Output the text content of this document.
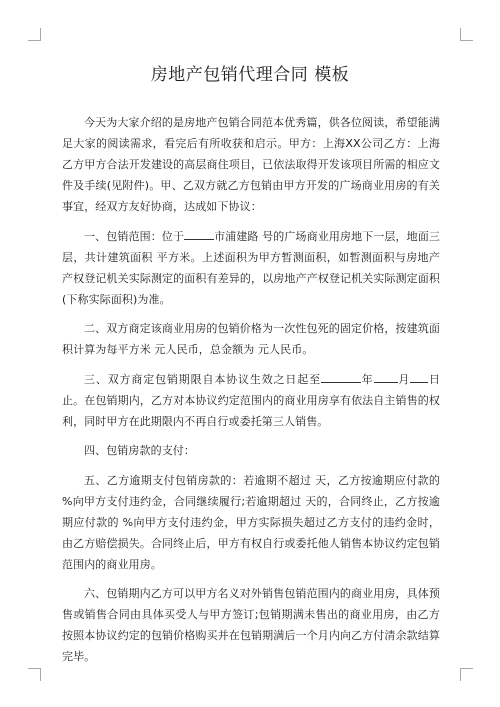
房地产包销代理合同 模板

今天为大家介绍的是房地产包销合同范本优秀篇，供各位阅读，希望能满足大家的阅读需求，看完后有所收获和启示。甲方：上海XX公司乙方：上海乙方甲方合法开发建设的高层商住项目，已依法取得开发该项目所需的相应文件及手续(见附件)。甲、乙双方就乙方包销由甲方开发的广场商业用房的有关事宜，经双方友好协商，达成如下协议：

一、包销范围：位于	市浦建路 号的广场商业用房地下一层，地面三层，共计建筑面积 平方米。上述面积为甲方暂测面积，如暂测面积与房地产产权登记机关实际测定的面积有差异的，以房地产产权登记机关实际测定面积(下称实际面积)为准。

二、双方商定该商业用房的包销价格为一次性包死的固定价格，按建筑面积计算为每平方米 元人民币，总金额为 元人民币。

三、双方商定包销期限自本协议生效之日起至	年 月 日止。在包销期内，乙方对本协议约定范围内的商业用房享有依法自主销售的权利，同时甲方在此期限内不再自行或委托第三人销售。

四、包销房款的支付：

五、乙方逾期支付包销房款的：若逾期不超过 天，乙方按逾期应付款的 %向甲方支付违约金，合同继续履行;若逾期超过 天的，合同终止，乙方按逾期应付款的 %向甲方支付违约金，甲方实际损失超过乙方支付的违约金时，由乙方赔偿损失。合同终止后，甲方有权自行或委托他人销售本协议约定包销范围内的商业用房。

六、包销期内乙方可以甲方名义对外销售包销范围内的商业用房，具体预售或销售合同由具体买受人与甲方签订;包销期满未售出的商业用房，由乙方按照本协议约定的包销价格购买并在包销期满后一个月内向乙方付清余款结算完毕。
